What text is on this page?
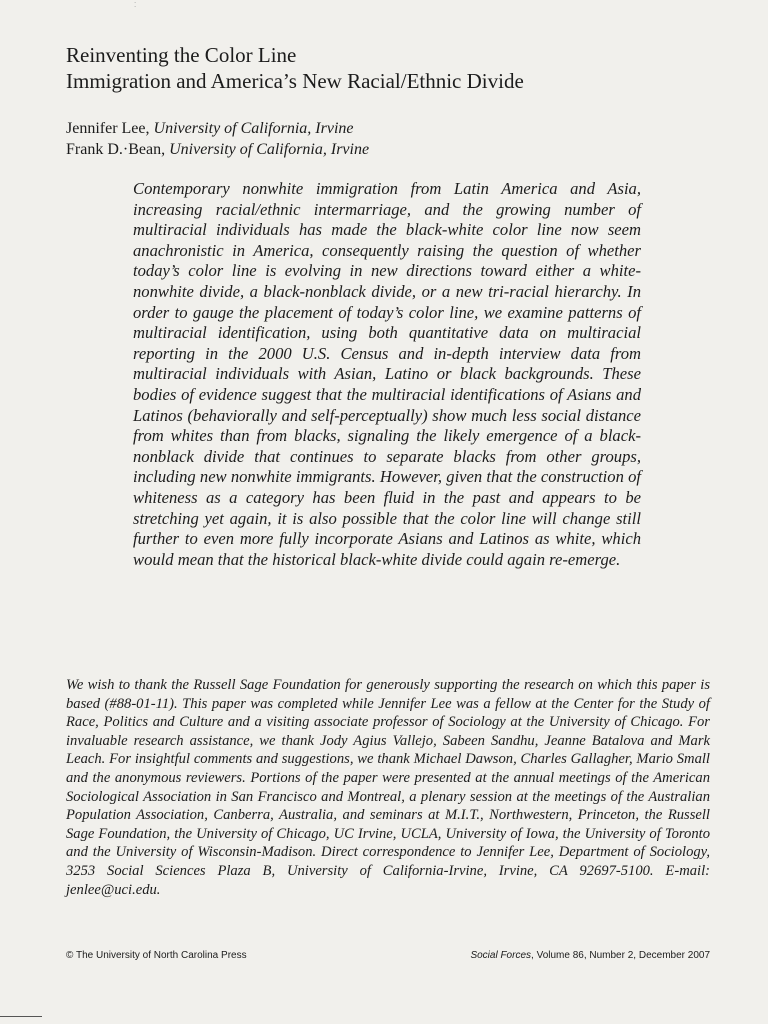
⁚
Reinventing the Color Line
Immigration and America’s New Racial/Ethnic Divide
Jennifer Lee, University of California, Irvine
Frank D.·Bean, University of California, Irvine

Contemporary nonwhite immigration from Latin America and Asia, increasing racial/ethnic intermarriage, and the growing number of multiracial individuals has made the black-white color line now seem anachronistic in America, consequently raising the question of whether today’s color line is evolving in new directions toward either a white-nonwhite divide, a black-nonblack divide, or a new tri-racial hierarchy. In order to gauge the placement of today’s color line, we examine patterns of multiracial identification, using both quantitative data on multiracial reporting in the 2000 U.S. Census and in-depth interview data from multiracial individuals with Asian, Latino or black backgrounds. These bodies of evidence suggest that the multiracial identifications of Asians and Latinos (behaviorally and self-perceptually) show much less social distance from whites than from blacks, signaling the likely emergence of a black-nonblack divide that continues to separate blacks from other groups, including new nonwhite immigrants. However, given that the construction of whiteness as a category has been fluid in the past and appears to be stretching yet again, it is also possible that the color line will change still further to even more fully incorporate Asians and Latinos as white, which would mean that the historical black-white divide could again re-emerge.

We wish to thank the Russell Sage Foundation for generously supporting the research on which this paper is based (#88-01-11). This paper was completed while Jennifer Lee was a fellow at the Center for the Study of Race, Politics and Culture and a visiting associate professor of Sociology at the University of Chicago. For invaluable research assistance, we thank Jody Agius Vallejo, Sabeen Sandhu, Jeanne Batalova and Mark Leach. For insightful comments and suggestions, we thank Michael Dawson, Charles Gallagher, Mario Small and the anonymous reviewers. Portions of the paper were presented at the annual meetings of the American Sociological Association in San Francisco and Montreal, a plenary session at the meetings of the Australian Population Association, Canberra, Australia, and seminars at M.I.T., Northwestern, Princeton, the Russell Sage Foundation, the University of Chicago, UC Irvine, UCLA, University of Iowa, the University of Toronto and the University of Wisconsin-Madison. Direct correspondence to Jennifer Lee, Department of Sociology, 3253 Social Sciences Plaza B, University of California-Irvine, Irvine, CA 92697-5100. E-mail: jenlee@uci.edu.

© The University of North Carolina Press	Social Forces, Volume 86, Number 2, December 2007
